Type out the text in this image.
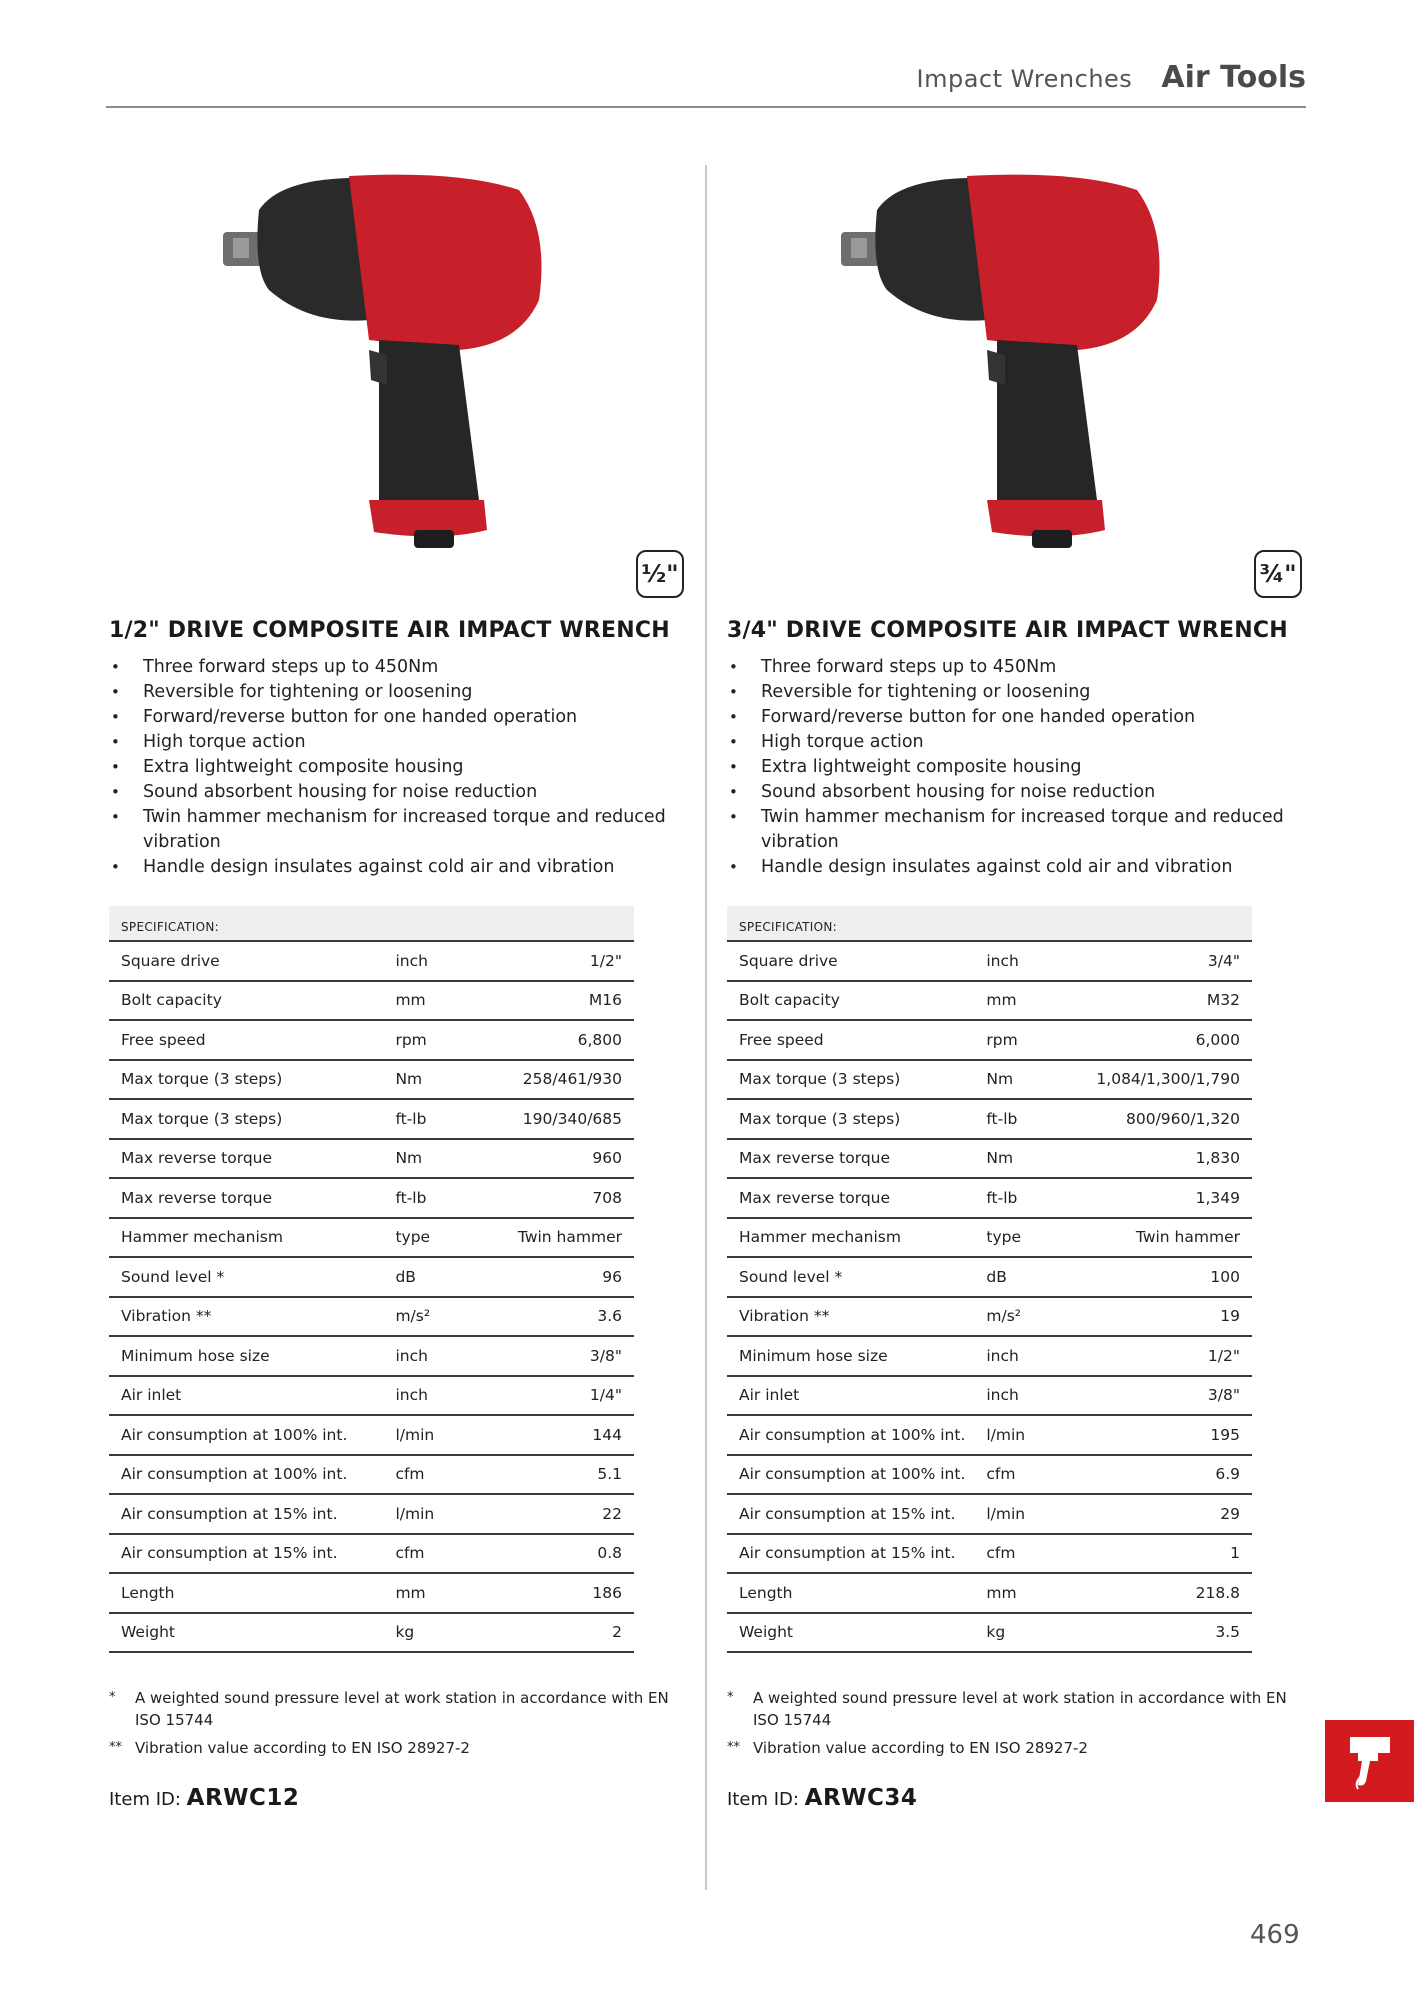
Impact Wrenches Air Tools
½"
1/2" DRIVE COMPOSITE AIR IMPACT WRENCH
• Three forward steps up to 450Nm
• Reversible for tightening or loosening
• Forward/reverse button for one handed operation
• High torque action
• Extra lightweight composite housing
• Sound absorbent housing for noise reduction
• Twin hammer mechanism for increased torque and reduced vibration
• Handle design insulates against cold air and vibration
SPECIFICATION:		
Square drive	inch	1/2"
Bolt capacity	mm	M16
Free speed	rpm	6,800
Max torque (3 steps)	Nm	258/461/930
Max torque (3 steps)	ft-lb	190/340/685
Max reverse torque	Nm	960
Max reverse torque	ft-lb	708
Hammer mechanism	type	Twin hammer
Sound level *	dB	96
Vibration **	m/s²	3.6
Minimum hose size	inch	3/8"
Air inlet	inch	1/4"
Air consumption at 100% int.	l/min	144
Air consumption at 100% int.	cfm	5.1
Air consumption at 15% int.	l/min	22
Air consumption at 15% int.	cfm	0.8
Length	mm	186
Weight	kg	2
* A weighted sound pressure level at work station in accordance with EN ISO 15744
** Vibration value according to EN ISO 28927-2
Item ID: ARWC12
¾"
3/4" DRIVE COMPOSITE AIR IMPACT WRENCH
• Three forward steps up to 450Nm
• Reversible for tightening or loosening
• Forward/reverse button for one handed operation
• High torque action
• Extra lightweight composite housing
• Sound absorbent housing for noise reduction
• Twin hammer mechanism for increased torque and reduced vibration
• Handle design insulates against cold air and vibration
SPECIFICATION:		
Square drive	inch	3/4"
Bolt capacity	mm	M32
Free speed	rpm	6,000
Max torque (3 steps)	Nm	1,084/1,300/1,790
Max torque (3 steps)	ft-lb	800/960/1,320
Max reverse torque	Nm	1,830
Max reverse torque	ft-lb	1,349
Hammer mechanism	type	Twin hammer
Sound level *	dB	100
Vibration **	m/s²	19
Minimum hose size	inch	1/2"
Air inlet	inch	3/8"
Air consumption at 100% int.	l/min	195
Air consumption at 100% int.	cfm	6.9
Air consumption at 15% int.	l/min	29
Air consumption at 15% int.	cfm	1
Length	mm	218.8
Weight	kg	3.5
* A weighted sound pressure level at work station in accordance with EN ISO 15744
** Vibration value according to EN ISO 28927-2
Item ID: ARWC34
469
